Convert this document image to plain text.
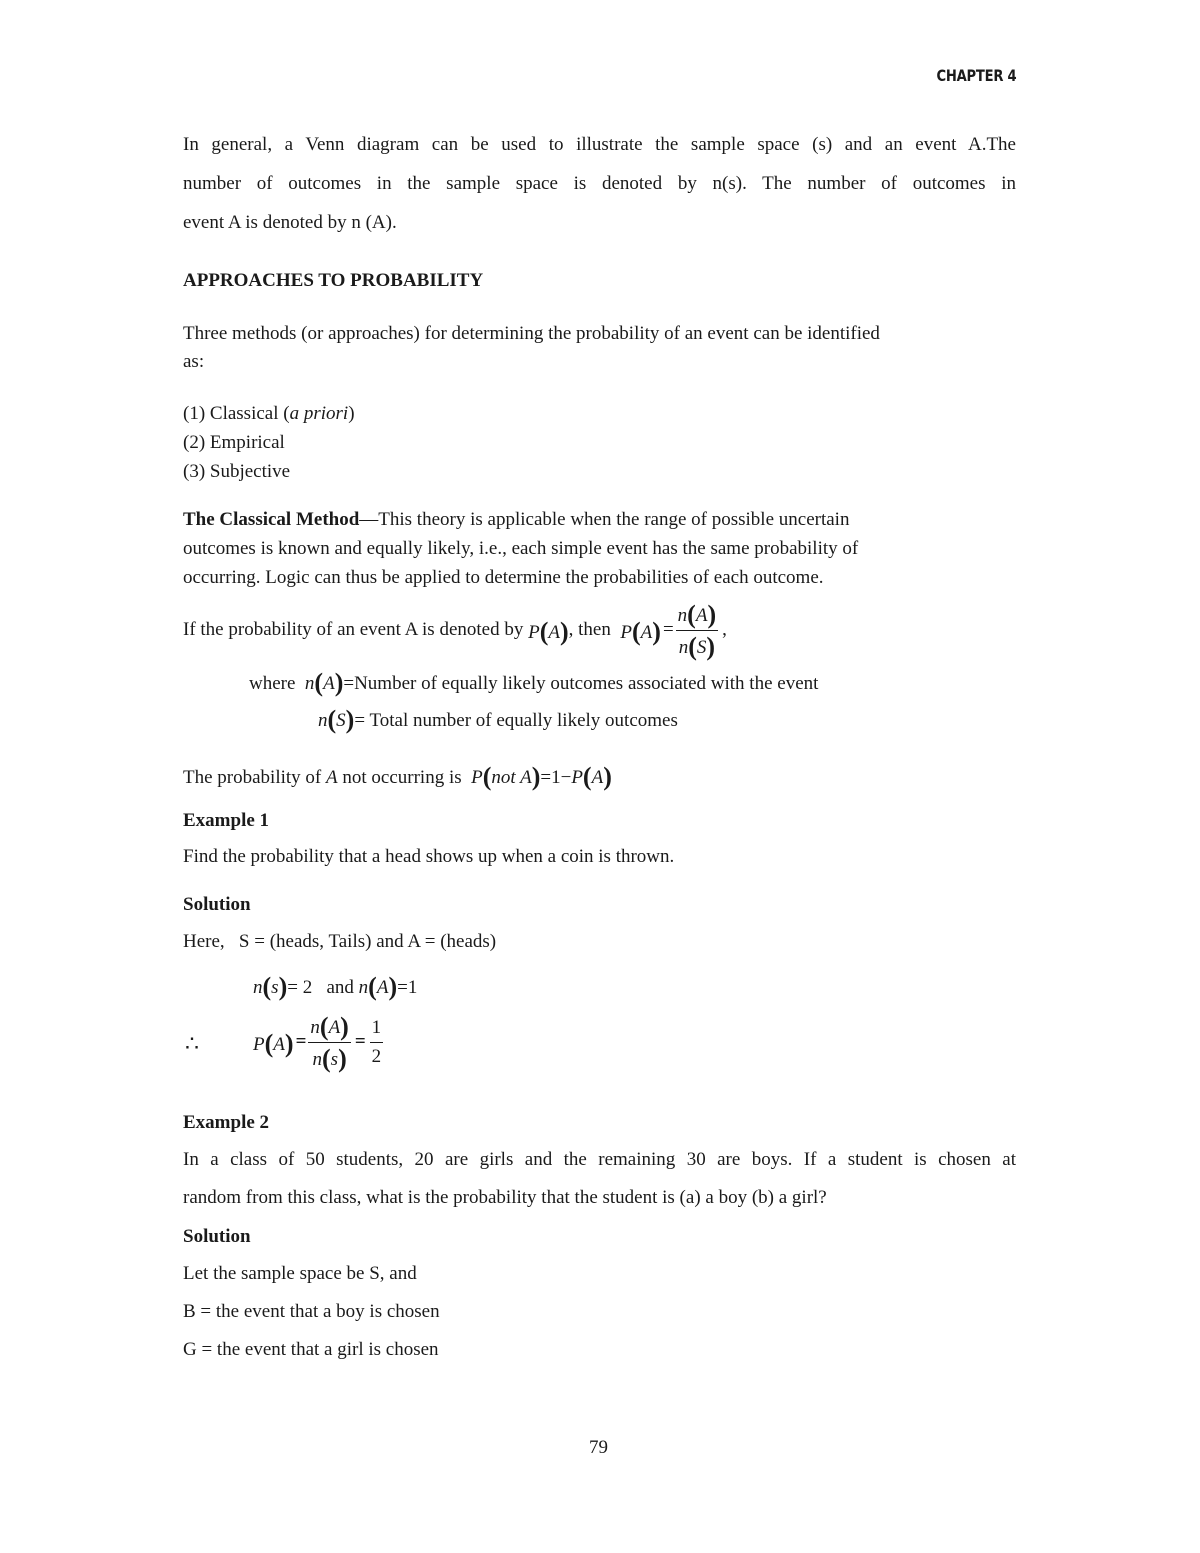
CHAPTER 4
In general, a Venn diagram can be used to illustrate the sample space (s) and an event A.The
number of outcomes in the sample space is denoted by n(s). The number of outcomes in
event A is denoted by n (A).
APPROACHES TO PROBABILITY
Three methods (or approaches) for determining the probability of an event can be identified
as:
(1) Classical (a priori)
(2) Empirical
(3) Subjective
The Classical Method—This theory is applicable when the range of possible uncertain
outcomes is known and equally likely, i.e., each simple event has the same probability of
occurring. Logic can thus be applied to determine the probabilities of each outcome.
If the probability of an event A is denoted by
P(A) , then
$P(A) = \frac{n(A)}{n(S)}$ ,
where n(A)=Number of equally likely outcomes associated with the event
n(S)= Total number of equally likely outcomes
The probability of A not occurring is P(not A)=1−P(A)
Example 1
Find the probability that a head shows up when a coin is thrown.
Solution
Here, S = (heads, Tails) and A = (heads)
n(s)= 2 and n(A)=1
∴	$P(A) = \frac{n(A)}{n(s)} = \frac{1}{2}$
Example 2
In a class of 50 students, 20 are girls and the remaining 30 are boys. If a student is chosen at
random from this class, what is the probability that the student is (a) a boy (b) a girl?
Solution
Let the sample space be S, and
B = the event that a boy is chosen
G = the event that a girl is chosen
79
